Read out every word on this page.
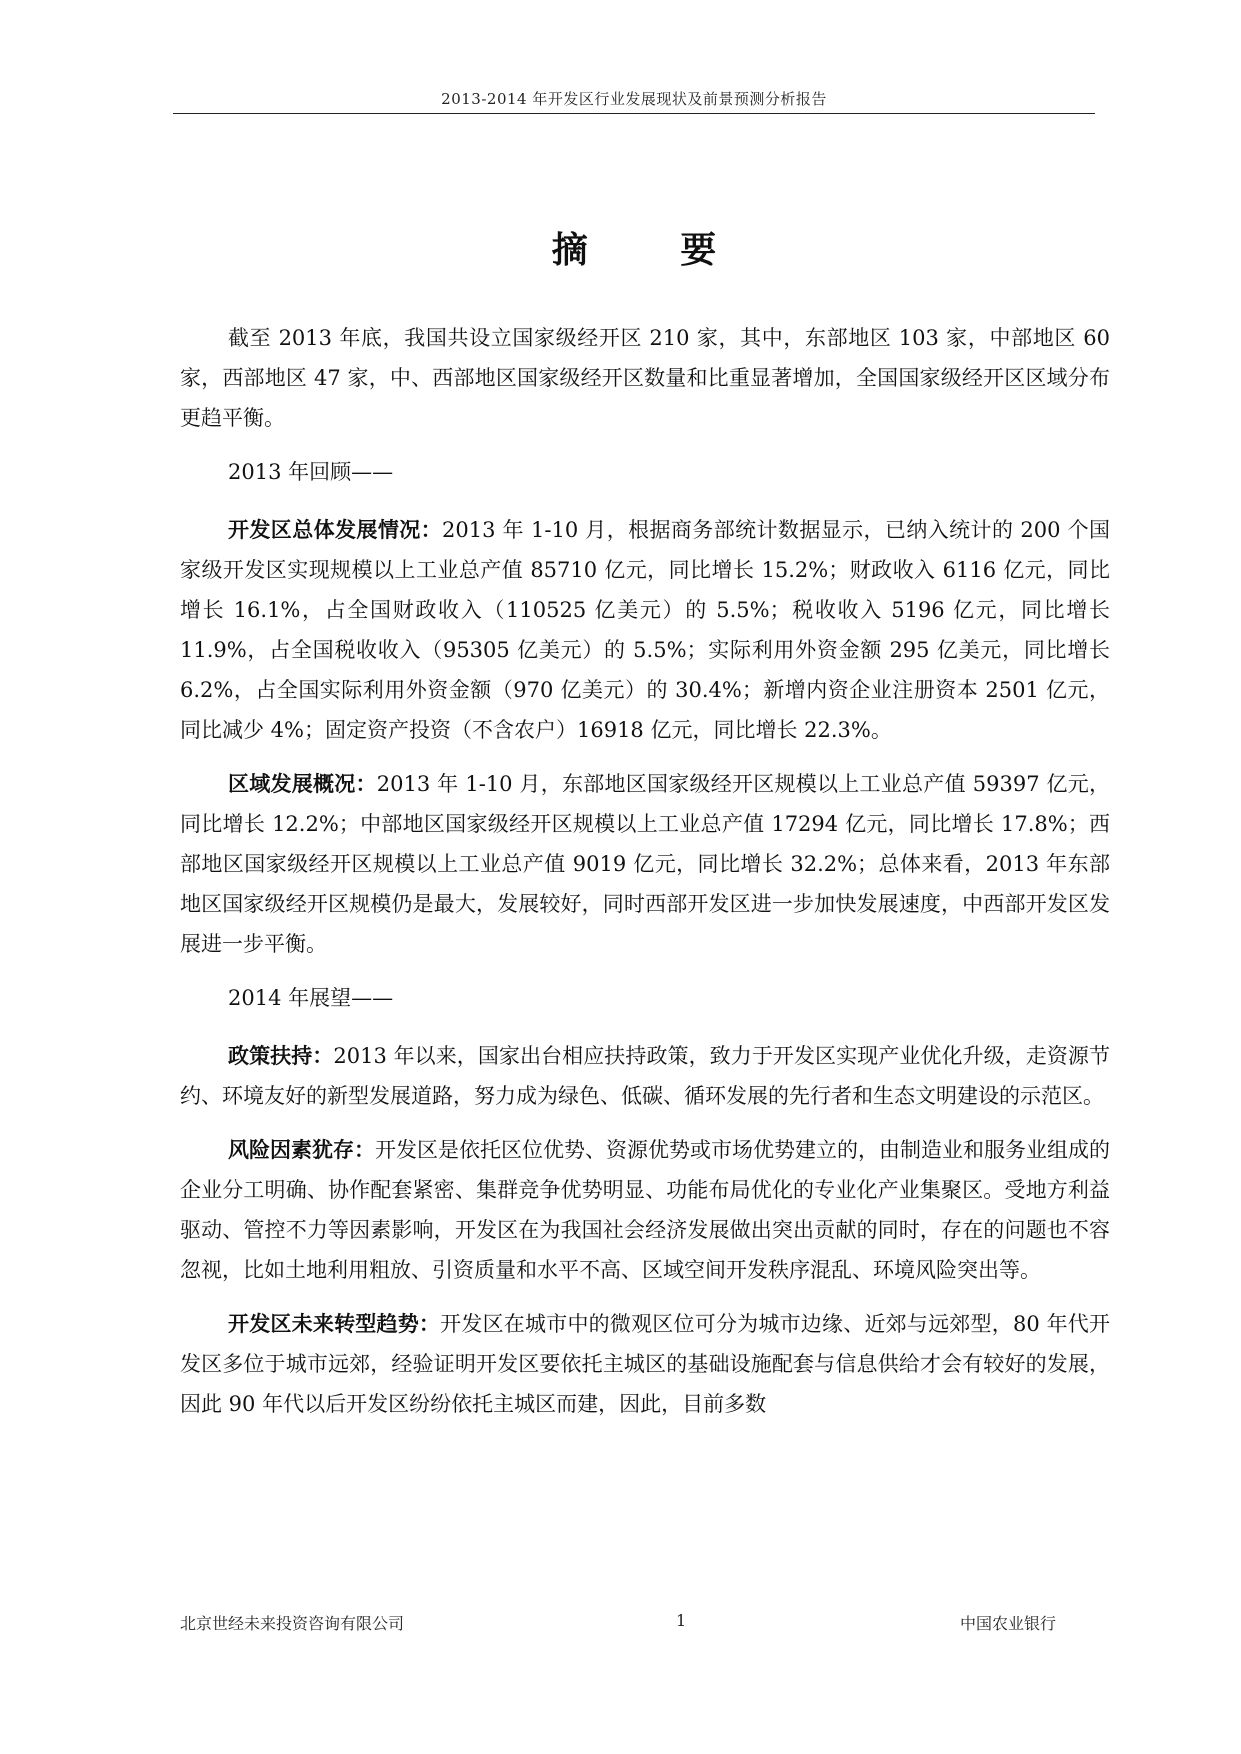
2013-2014 年开发区行业发展现状及前景预测分析报告
摘 要

截至 2013 年底，我国共设立国家级经开区 210 家，其中，东部地区 103 家，中部地区 60 家，西部地区 47 家，中、西部地区国家级经开区数量和比重显著增加，全国国家级经开区区域分布更趋平衡。

2013 年回顾——

开发区总体发展情况：2013 年 1-10 月，根据商务部统计数据显示，已纳入统计的 200 个国家级开发区实现规模以上工业总产值 85710 亿元，同比增长 15.2%；财政收入 6116 亿元，同比增长 16.1%，占全国财政收入（110525 亿美元）的 5.5%；税收收入 5196 亿元，同比增长 11.9%，占全国税收收入（95305 亿美元）的 5.5%；实际利用外资金额 295 亿美元，同比增长 6.2%，占全国实际利用外资金额（970 亿美元）的 30.4%；新增内资企业注册资本 2501 亿元，同比减少 4%；固定资产投资（不含农户）16918 亿元，同比增长 22.3%。

区域发展概况：2013 年 1-10 月，东部地区国家级经开区规模以上工业总产值 59397 亿元，同比增长 12.2%；中部地区国家级经开区规模以上工业总产值 17294 亿元，同比增长 17.8%；西部地区国家级经开区规模以上工业总产值 9019 亿元，同比增长 32.2%；总体来看，2013 年东部地区国家级经开区规模仍是最大，发展较好，同时西部开发区进一步加快发展速度，中西部开发区发展进一步平衡。

2014 年展望——

政策扶持：2013 年以来，国家出台相应扶持政策，致力于开发区实现产业优化升级，走资源节约、环境友好的新型发展道路，努力成为绿色、低碳、循环发展的先行者和生态文明建设的示范区。

风险因素犹存：开发区是依托区位优势、资源优势或市场优势建立的，由制造业和服务业组成的企业分工明确、协作配套紧密、集群竞争优势明显、功能布局优化的专业化产业集聚区。受地方利益驱动、管控不力等因素影响，开发区在为我国社会经济发展做出突出贡献的同时，存在的问题也不容忽视，比如土地利用粗放、引资质量和水平不高、区域空间开发秩序混乱、环境风险突出等。

开发区未来转型趋势：开发区在城市中的微观区位可分为城市边缘、近郊与远郊型，80 年代开发区多位于城市远郊，经验证明开发区要依托主城区的基础设施配套与信息供给才会有较好的发展，因此 90 年代以后开发区纷纷依托主城区而建，因此，目前多数

北京世经未来投资咨询有限公司	1	中国农业银行
